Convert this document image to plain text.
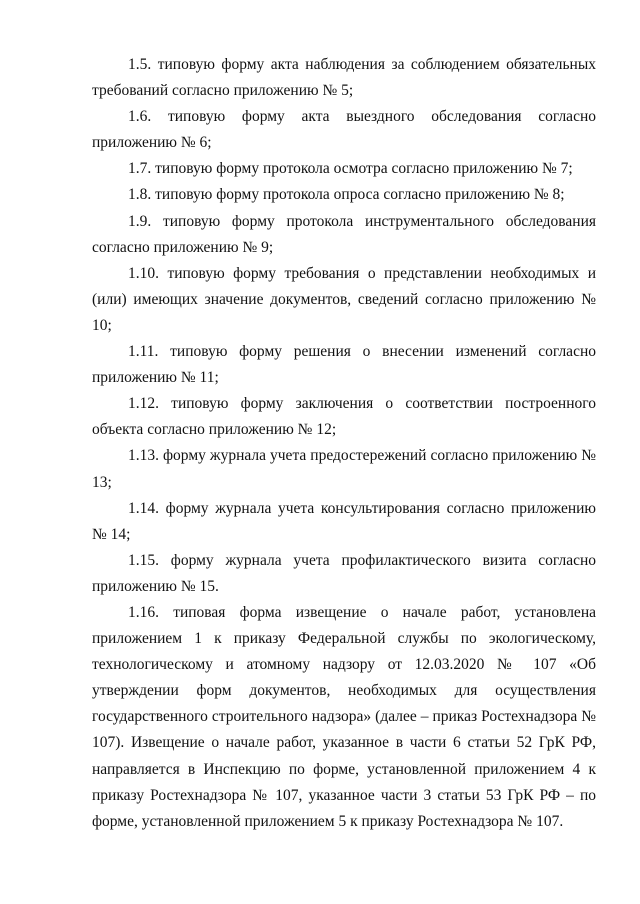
1.5. типовую форму акта наблюдения за соблюдением обязательных требований согласно приложению № 5;

1.6. типовую форму акта выездного обследования согласно приложению № 6;

1.7. типовую форму протокола осмотра согласно приложению № 7;

1.8. типовую форму протокола опроса согласно приложению № 8;

1.9. типовую форму протокола инструментального обследования согласно приложению № 9;

1.10. типовую форму требования о представлении необходимых и (или) имеющих значение документов, сведений согласно приложению № 10;

1.11. типовую форму решения о внесении изменений согласно приложению № 11;

1.12. типовую форму заключения о соответствии построенного объекта согласно приложению № 12;

1.13. форму журнала учета предостережений согласно приложению № 13;

1.14. форму журнала учета консультирования согласно приложению № 14;

1.15. форму журнала учета профилактического визита согласно приложению № 15.

1.16. типовая форма извещение о начале работ, установлена приложением 1 к приказу Федеральной службы по экологическому, технологическому и атомному надзору от 12.03.2020 № 107 «Об утверждении форм документов, необходимых для осуществления государственного строительного надзора» (далее – приказ Ростехнадзора № 107). Извещение о начале работ, указанное в части 6 статьи 52 ГрК РФ, направляется в Инспекцию по форме, установленной приложением 4 к приказу Ростехнадзора № 107, указанное части 3 статьи 53 ГрК РФ – по форме, установленной приложением 5 к приказу Ростехнадзора № 107.
